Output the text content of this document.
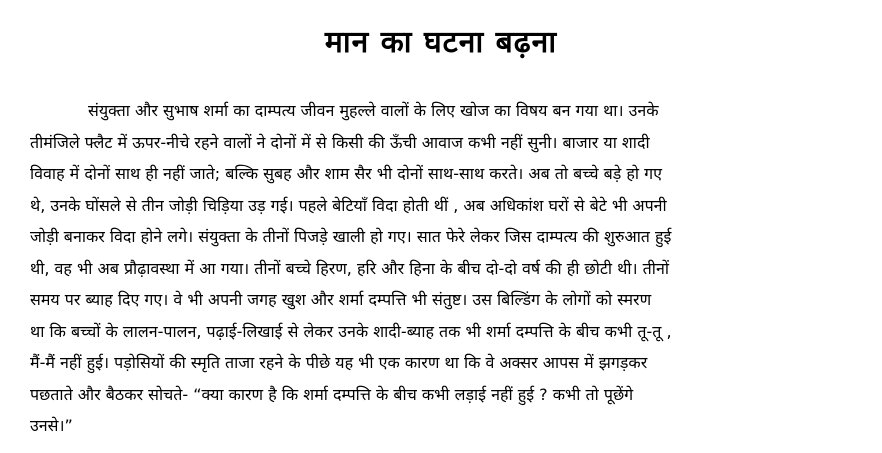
मान का घटना बढ़ना
संयुक्ता और सुभाष शर्मा का दाम्पत्य जीवन मुहल्ले वालों के लिए खोज का विषय बन गया था। उनके
तीमंजिले फ्लैट में ऊपर-नीचे रहने वालों ने दोनों में से किसी की ऊँची आवाज कभी नहीं सुनी। बाजार या शादी
विवाह में दोनों साथ ही नहीं जाते; बल्कि सुबह और शाम सैर भी दोनों साथ-साथ करते। अब तो बच्चे बड़े हो गए
थे, उनके घोंसले से तीन जोड़ी चिड़िया उड़ गई। पहले बेटियाँ विदा होती थीं , अब अधिकांश घरों से बेटे भी अपनी
जोड़ी बनाकर विदा होने लगे। संयुक्ता के तीनों पिजड़े खाली हो गए। सात फेरे लेकर जिस दाम्पत्य की शुरुआत हुई
थी, वह भी अब प्रौढ़ावस्था में आ गया। तीनों बच्चे हिरण, हरि और हिना के बीच दो-दो वर्ष की ही छोटी थी। तीनों
समय पर ब्याह दिए गए। वे भी अपनी जगह खुश और शर्मा दम्पत्ति भी संतुष्ट। उस बिल्डिंग के लोगों को स्मरण
था कि बच्चों के लालन-पालन, पढ़ाई-लिखाई से लेकर उनके शादी-ब्याह तक भी शर्मा दम्पत्ति के बीच कभी तू-तू ,
मैं-मैं नहीं हुई। पड़ोसियों की स्मृति ताजा रहने के पीछे यह भी एक कारण था कि वे अक्सर आपस में झगड़कर
पछताते और बैठकर सोचते- “क्या कारण है कि शर्मा दम्पत्ति के बीच कभी लड़ाई नहीं हुई ? कभी तो पूछेंगे
उनसे।”
